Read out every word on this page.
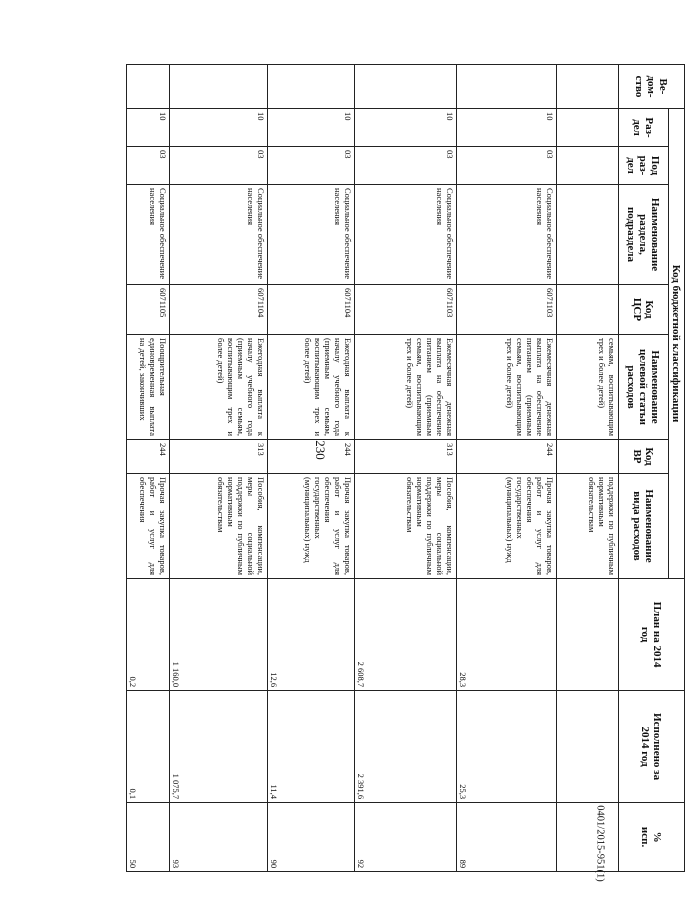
230
0401/2015-951(1)
Ве-
дом-
ство	Код бюджетной классификации							План на 2014
год	Исполнено за
2014 год	%
исп.
	Раз-
дел	Под
раз-
дел	Наименование
раздела,
подраздела	Код
ЦСР	Наименование
целевой статьи
расходов	Код
ВР	Наименование
вида расходов			
					семьям, воспитывающим трех и более детей)		поддержки по публичным нормативным обязательствам			
	10	03	Социальное обеспечение населения	6071103	Ежемесячная денежная выплата на обеспечение питанием (приемным семьям, воспитывающим трех и более детей)	244	Прочая закупка товаров, работ и услуг для обеспечения государственных (муниципальных) нужд	28,3	25,3	89
	10	03	Социальное обеспечение населения	6071103	Ежемесячная денежная выплата на обеспечение питанием (приемным семьям, воспитывающим трех и более детей)	313	Пособия, компенсации, меры социальной поддержки по публичным нормативным обязательствам	2 608,7	2 391,6	92
	10	03	Социальное обеспечение населения	6071104	Ежегодная выплата к началу учебного года (приемным семьям, воспитывающим трех и более детей)	244	Прочая закупка товаров, работ и услуг для обеспечения государственных (муниципальных) нужд	12,6	11,4	90
	10	03	Социальное обеспечение населения	6071104	Ежегодная выплата к началу учебного года (приемным семьям, воспитывающим трех и более детей)	313	Пособия, компенсации, меры социальной поддержки по публичным нормативным обязательствам	1 160,0	1 075,7	93
	10	03	Социальное обеспечение населения	6071105	Поощрительная единовременная выплата на детей, закончивших	244	Прочая закупка товаров, работ и услуг для обеспечения	0,2	0,1	50
